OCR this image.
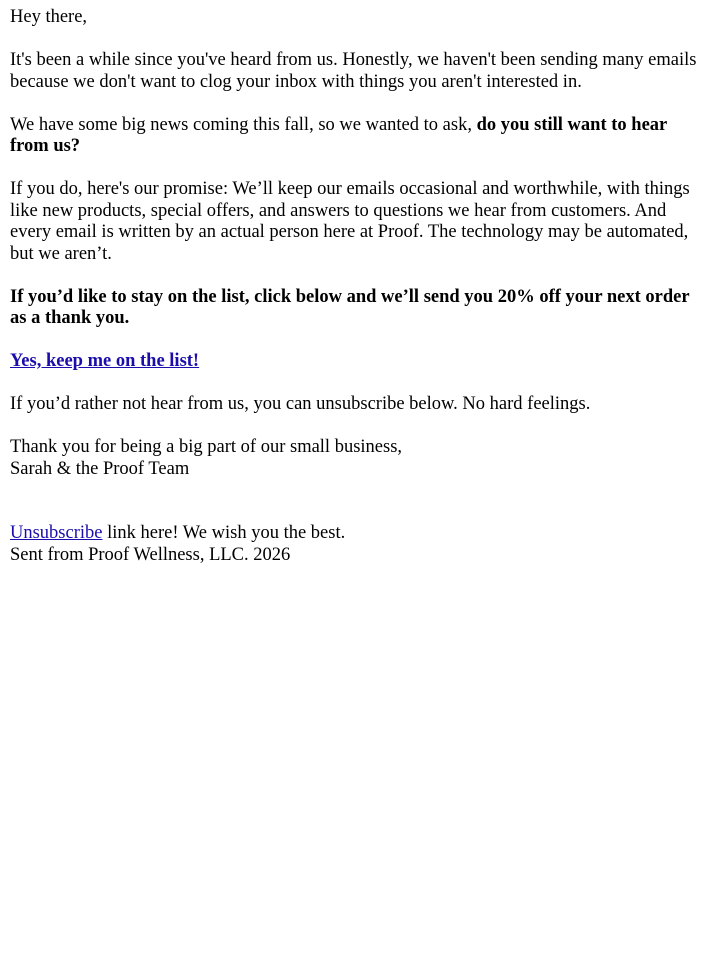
Hey there,

It's been a while since you've heard from us. Honestly, we haven't been sending many emails because we don't want to clog your inbox with things you aren't interested in.

We have some big news coming this fall, so we wanted to ask, do you still want to hear from us?

If you do, here's our promise: We’ll keep our emails occasional and worthwhile, with things like new products, special offers, and answers to questions we hear from customers. And every email is written by an actual person here at Proof. The technology may be automated, but we aren’t.

If you’d like to stay on the list, click below and we’ll send you 20% off your next order as a thank you.

Yes, keep me on the list!

If you’d rather not hear from us, you can unsubscribe below. No hard feelings.

Thank you for being a big part of our small business,

Sarah & the Proof Team

Unsubscribe link here! We wish you the best.

Sent from Proof Wellness, LLC. 2026
